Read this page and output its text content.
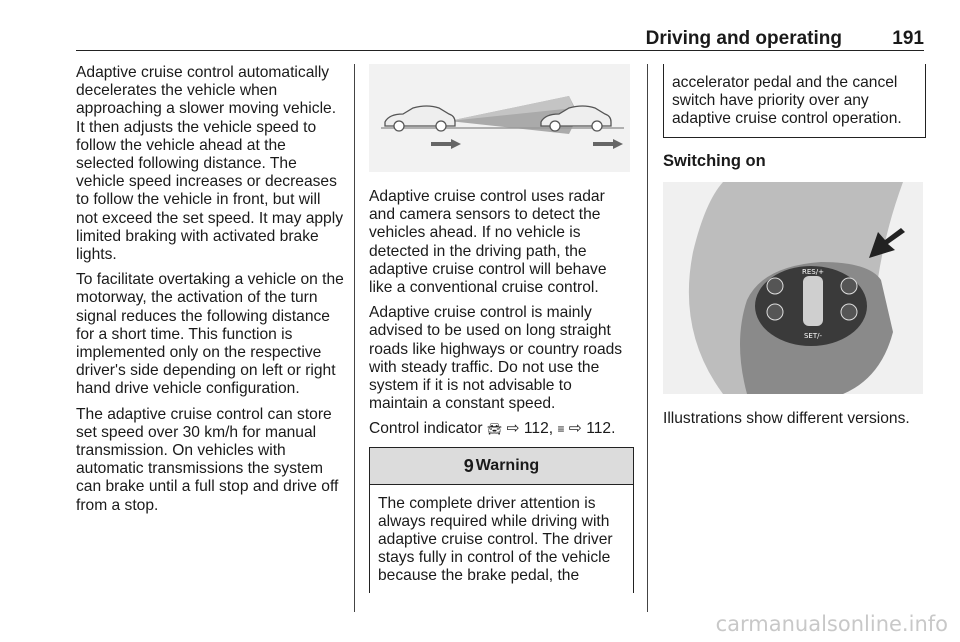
Driving and operating	191

Adaptive cruise control automatically decelerates the vehicle when approaching a slower moving vehicle. It then adjusts the vehicle speed to follow the vehicle ahead at the selected following distance. The vehicle speed increases or decreases to follow the vehicle in front, but will not exceed the set speed. It may apply limited braking with activated brake lights.

To facilitate overtaking a vehicle on the motorway, the activation of the turn signal reduces the following distance for a short time. This function is implemented only on the respective driver's side depending on left or right hand drive vehicle configuration.

The adaptive cruise control can store set speed over 30 km/h for manual transmission. On vehicles with automatic transmissions the system can brake until a full stop and drive off from a stop.

Adaptive cruise control uses radar and camera sensors to detect the vehicles ahead. If no vehicle is detected in the driving path, the adaptive cruise control will behave like a conventional cruise control.

Adaptive cruise control is mainly advised to be used on long straight roads like highways or country roads with steady traffic. Do not use the system if it is not advisable to maintain a constant speed.

Control indicator 🚘︎ ⇨ 112, ≡ ⇨ 112.

9 Warning
The complete driver attention is always required while driving with adaptive cruise control. The driver stays fully in control of the vehicle because the brake pedal, the
accelerator pedal and the cancel switch have priority over any adaptive cruise control operation.
Switching on
RES/+
SET/-

Illustrations show different versions.

carmanualsonline.info
